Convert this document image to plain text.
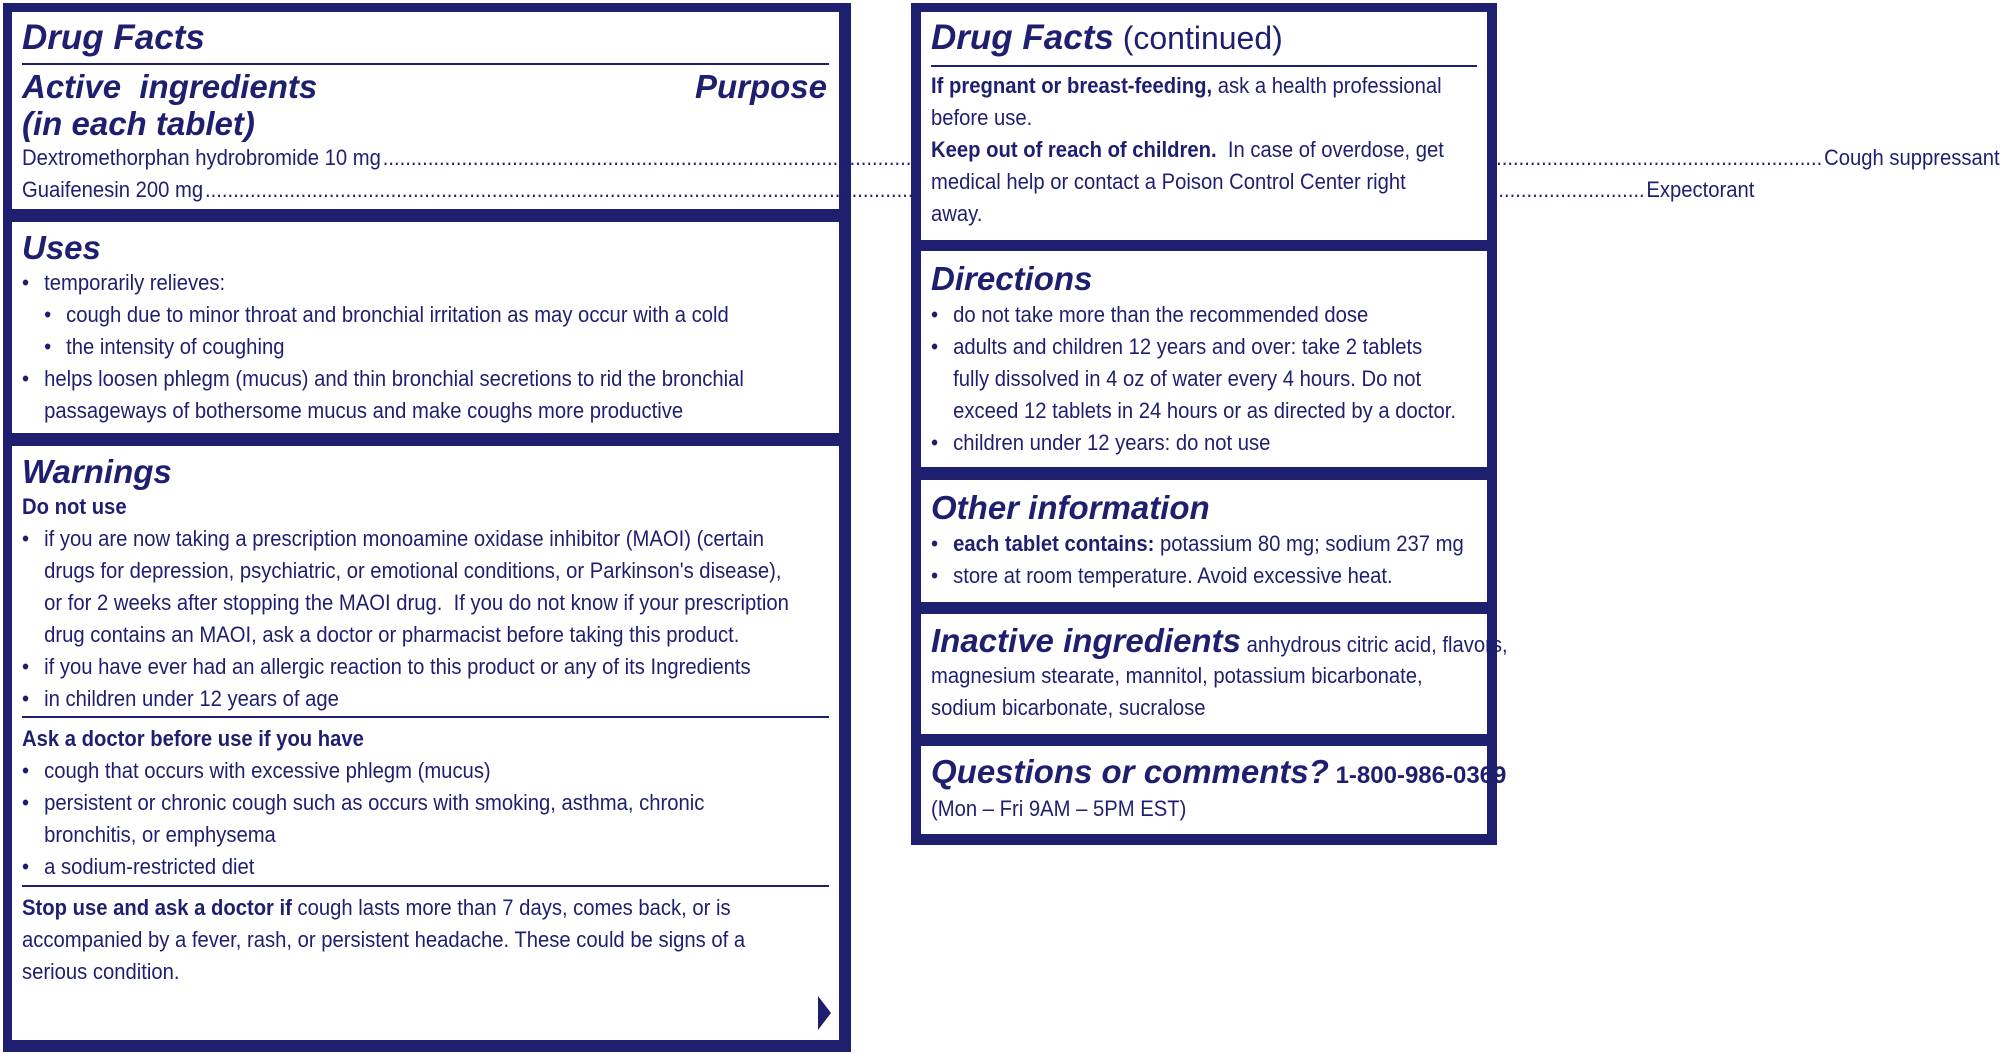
Drug Facts
Active  ingredients
(in each tablet)
Purpose
Dextromethorphan hydrobromide 10 mg .....	Cough suppressant
Guaifenesin 200 mg .....	Expectorant
Uses
• temporarily relieves:
• cough due to minor throat and bronchial irritation as may occur with a cold
• the intensity of coughing
• helps loosen phlegm (mucus) and thin bronchial secretions to rid the bronchial
passageways of bothersome mucus and make coughs more productive
Warnings
Do not use
• if you are now taking a prescription monoamine oxidase inhibitor (MAOI) (certain
drugs for depression, psychiatric, or emotional conditions, or Parkinson's disease),
or for 2 weeks after stopping the MAOI drug.  If you do not know if your prescription
drug contains an MAOI, ask a doctor or pharmacist before taking this product.
• if you have ever had an allergic reaction to this product or any of its Ingredients
• in children under 12 years of age
Ask a doctor before use if you have
• cough that occurs with excessive phlegm (mucus)
• persistent or chronic cough such as occurs with smoking, asthma, chronic
bronchitis, or emphysema
• a sodium-restricted diet
Stop use and ask a doctor if cough lasts more than 7 days, comes back, or is
accompanied by a fever, rash, or persistent headache. These could be signs of a
serious condition.
Drug Facts (continued)
If pregnant or breast-feeding, ask a health professional
before use.
Keep out of reach of children.  In case of overdose, get
medical help or contact a Poison Control Center right
away.
Directions
• do not take more than the recommended dose
• adults and children 12 years and over: take 2 tablets
fully dissolved in 4 oz of water every 4 hours. Do not
exceed 12 tablets in 24 hours or as directed by a doctor.
• children under 12 years: do not use
Other information
• each tablet contains: potassium 80 mg; sodium 237 mg
• store at room temperature. Avoid excessive heat.
Inactive ingredients anhydrous citric acid, flavors,
magnesium stearate, mannitol, potassium bicarbonate,
sodium bicarbonate, sucralose
Questions or comments? 1-800-986-0369
(Mon – Fri 9AM – 5PM EST)
